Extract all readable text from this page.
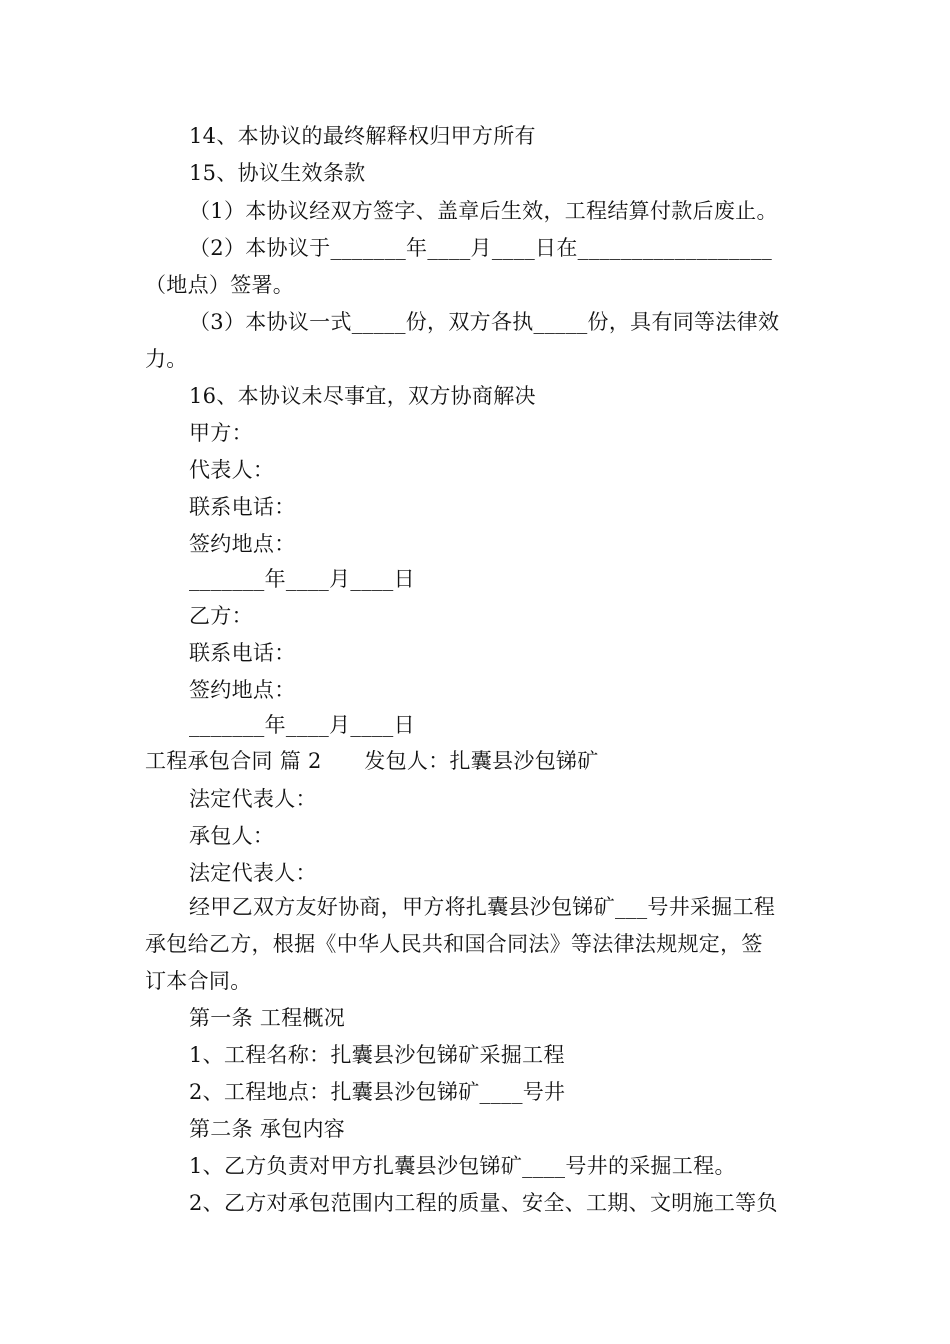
14、本协议的最终解释权归甲方所有
15、协议生效条款
（1）本协议经双方签字、盖章后生效，工程结算付款后废止。
（2）本协议于_______年____月____日在__________________
（地点）签署。
（3）本协议一式_____份，双方各执_____份，具有同等法律效
力。
16、本协议未尽事宜，双方协商解决
甲方：
代表人：
联系电话：
签约地点：
_______年____月____日
乙方：
联系电话：
签约地点：
_______年____月____日
工程承包合同 篇 2　　发包人：扎囊县沙包锑矿
法定代表人：
承包人：
法定代表人：
经甲乙双方友好协商，甲方将扎囊县沙包锑矿___号井采掘工程
承包给乙方，根据《中华人民共和国合同法》等法律法规规定，签
订本合同。
第一条 工程概况
1、工程名称：扎囊县沙包锑矿采掘工程
2、工程地点：扎囊县沙包锑矿____号井
第二条 承包内容
1、乙方负责对甲方扎囊县沙包锑矿____号井的采掘工程。
2、乙方对承包范围内工程的质量、安全、工期、文明施工等负
